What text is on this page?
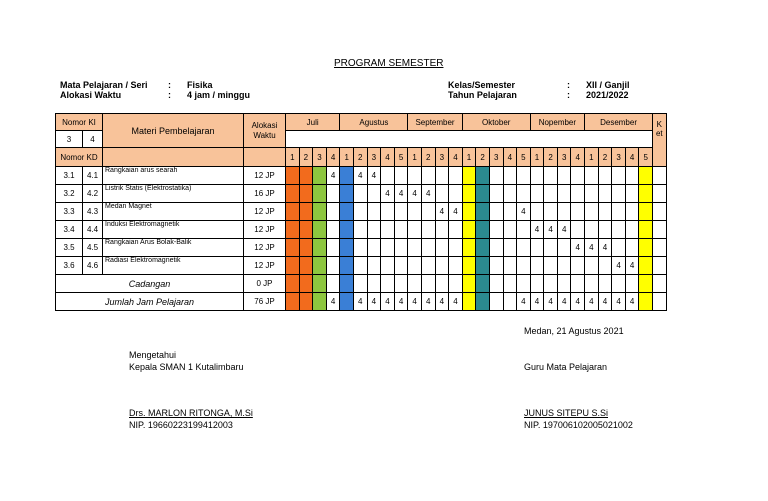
PROGRAM SEMESTER
Mata Pelajaran / Seri : Fisika
Alokasi Waktu	: 4 jam / minggu
Kelas/Semester	: XII / Ganjil
Tahun Pelajaran	: 2021/2022
Nomor KI		Materi Pembelajaran	Alokasi Waktu	Juli				Agustus					September				Oktober					Nopember				Desember					K et
3	4																														
Nomor KD				1	2	3	4	1	2	3	4	5	1	2	3	4	1	2	3	4	5	1	2	3	4	1	2	3	4	5	
3.1	4.1	Rangkaian arus searah	12 JP				4		4	4																					
3.2	4.2	Listrik Statis (Elektrostatika)	16 JP								4	4	4	4																	
3.3	4.3	Medan Magnet	12 JP												4	4					4										
3.4	4.4	Induksi Elektromagnetik	12 JP																			4	4	4							
3.5	4.5	Rangkaian Arus Bolak-Balik	12 JP																						4	4	4				
3.6	4.6	Radiasi Elektromagnetik	12 JP																									4	4		
Cadangan			0 JP																												
Jumlah Jam Pelajaran			76 JP				4		4	4	4	4	4	4	4	4					4	4	4	4	4	4	4	4	4		
Medan, 21 Agustus 2021
Mengetahui
Kepala SMAN 1 Kutalimbaru	Guru Mata Pelajaran
Drs. MARLON RITONGA, M.Si
NIP. 19660223199412003
JUNUS SITEPU S.Si
NIP. 197006102005021002
